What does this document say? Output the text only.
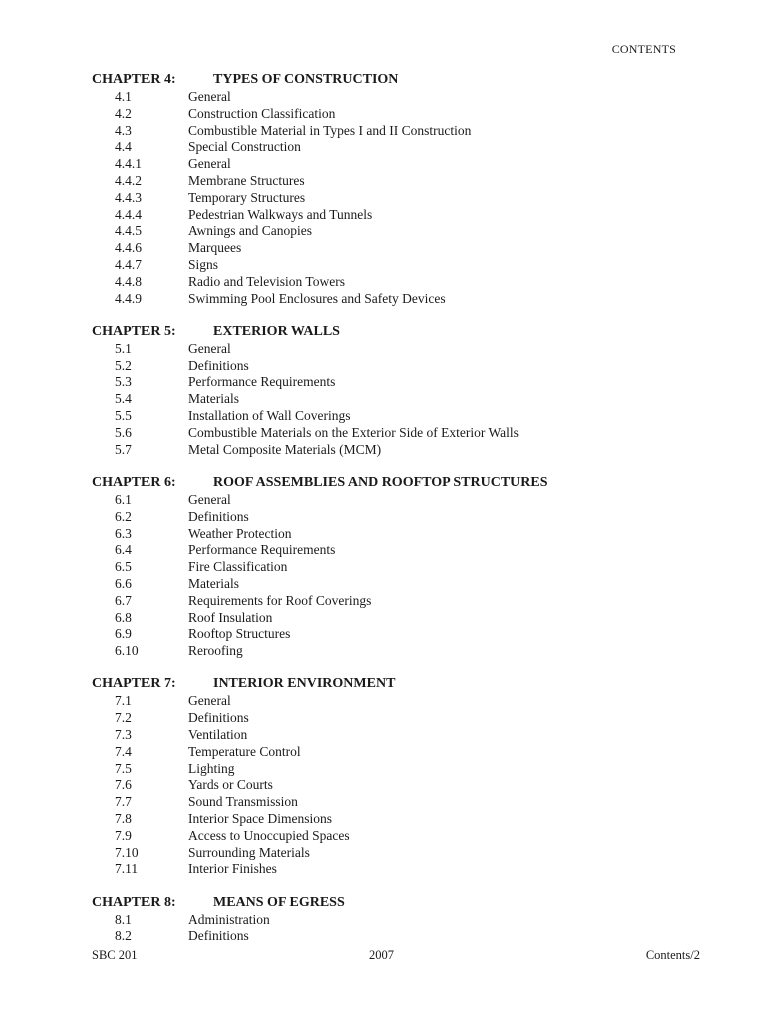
CONTENTS
CHAPTER 4:	TYPES OF CONSTRUCTION
4.1	General
4.2	Construction Classification
4.3	Combustible Material in Types I and II Construction
4.4	Special Construction
4.4.1	General
4.4.2	Membrane Structures
4.4.3	Temporary Structures
4.4.4	Pedestrian Walkways and Tunnels
4.4.5	Awnings and Canopies
4.4.6	Marquees
4.4.7	Signs
4.4.8	Radio and Television Towers
4.4.9	Swimming Pool Enclosures and Safety Devices
CHAPTER 5:	EXTERIOR WALLS
5.1	General
5.2	Definitions
5.3	Performance Requirements
5.4	Materials
5.5	Installation of Wall Coverings
5.6	Combustible Materials on the Exterior Side of Exterior Walls
5.7	Metal Composite Materials (MCM)
CHAPTER 6:	ROOF ASSEMBLIES AND ROOFTOP STRUCTURES
6.1	General
6.2	Definitions
6.3	Weather Protection
6.4	Performance Requirements
6.5	Fire Classification
6.6	Materials
6.7	Requirements for Roof Coverings
6.8	Roof Insulation
6.9	Rooftop Structures
6.10	Reroofing
CHAPTER 7:	INTERIOR ENVIRONMENT
7.1	General
7.2	Definitions
7.3	Ventilation
7.4	Temperature Control
7.5	Lighting
7.6	Yards or Courts
7.7	Sound Transmission
7.8	Interior Space Dimensions
7.9	Access to Unoccupied Spaces
7.10	Surrounding Materials
7.11	Interior Finishes
CHAPTER 8:	MEANS OF EGRESS
8.1	Administration
8.2	Definitions
SBC 201	2007	Contents/2
